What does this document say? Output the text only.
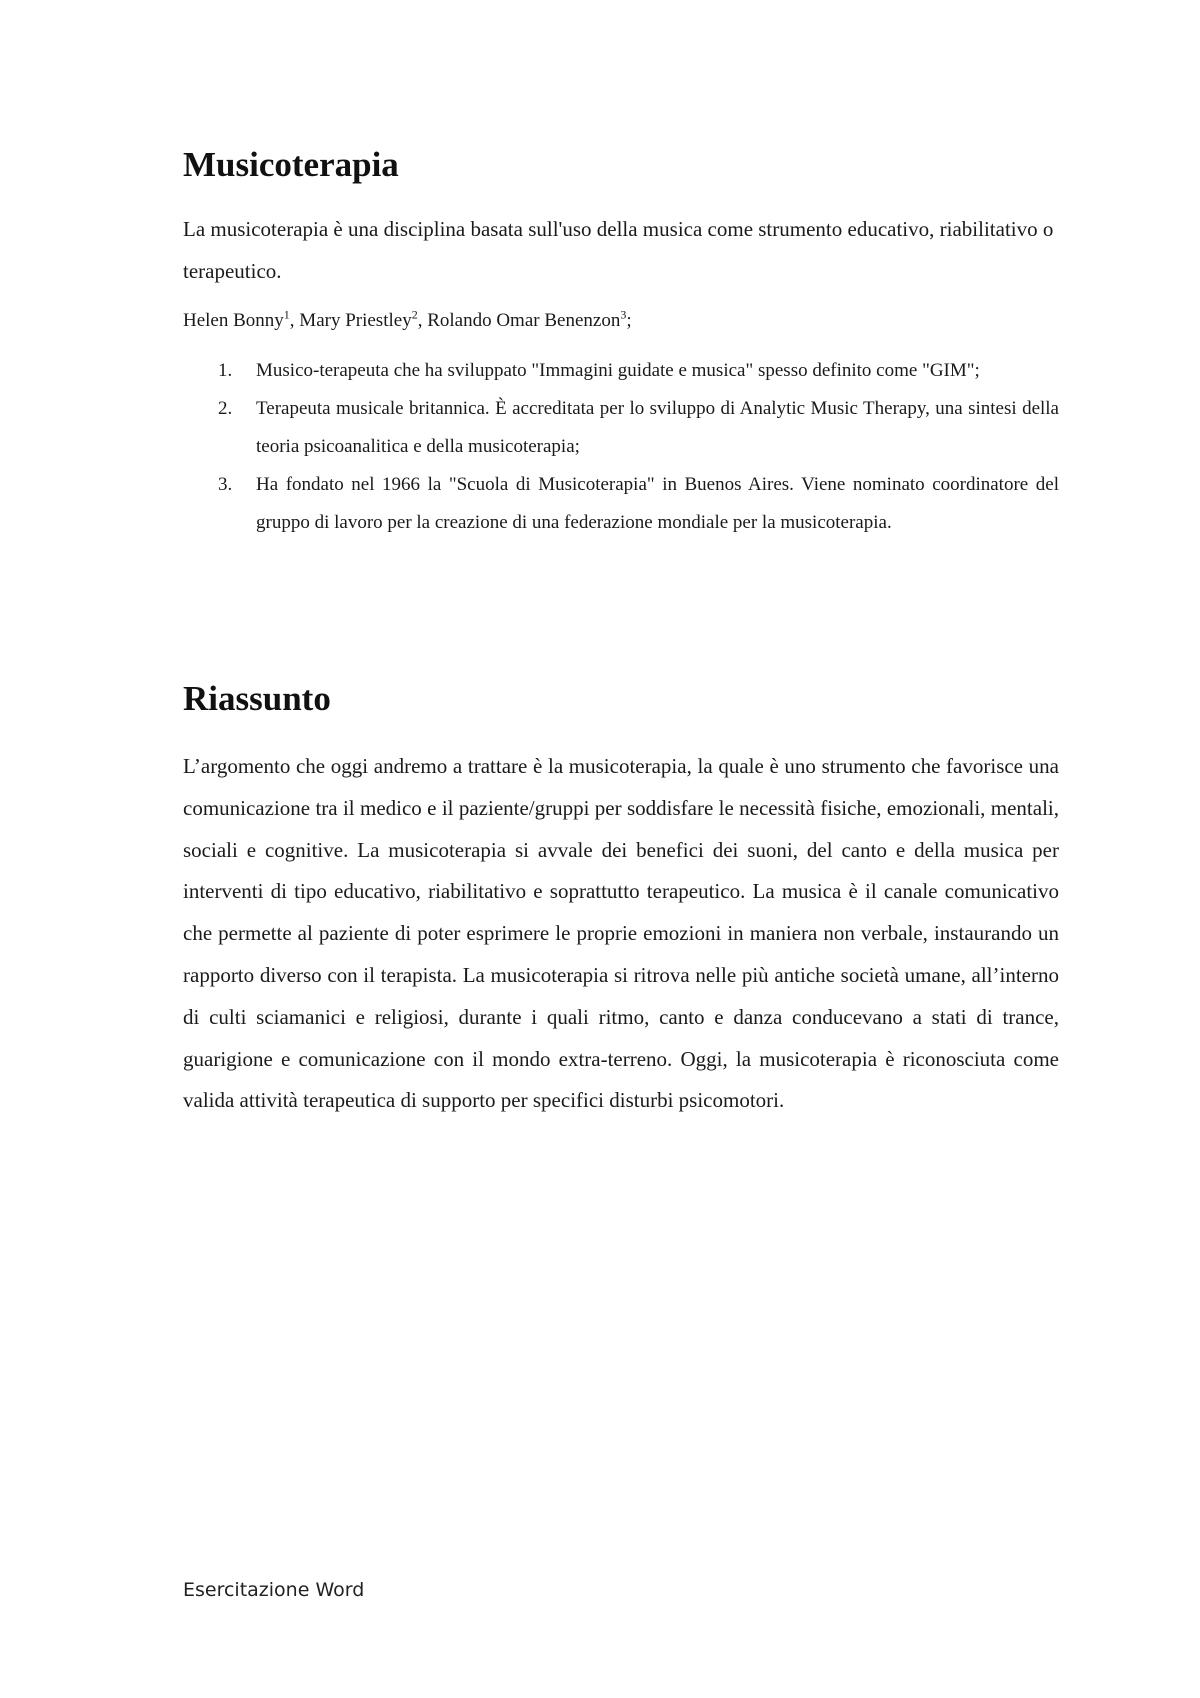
Musicoterapia

La musicoterapia è una disciplina basata sull'uso della musica come strumento educativo, riabilitativo o terapeutico.

Helen Bonny$^1$, Mary Priestley$^2$, Rolando Omar Benenzon$^3$;

1. Musico-terapeuta che ha sviluppato "Immagini guidate e musica" spesso definito come "GIM";
2. Terapeuta musicale britannica. È accreditata per lo sviluppo di Analytic Music Therapy, una sintesi della teoria psicoanalitica e della musicoterapia;
3. Ha fondato nel 1966 la "Scuola di Musicoterapia" in Buenos Aires. Viene nominato coordinatore del gruppo di lavoro per la creazione di una federazione mondiale per la musicoterapia.
Riassunto

L’argomento che oggi andremo a trattare è la musicoterapia, la quale è uno strumento che favorisce una comunicazione tra il medico e il paziente/gruppi per soddisfare le necessità fisiche, emozionali, mentali, sociali e cognitive. La musicoterapia si avvale dei benefici dei suoni, del canto e della musica per interventi di tipo educativo, riabilitativo e soprattutto terapeutico. La musica è il canale comunicativo che permette al paziente di poter esprimere le proprie emozioni in maniera non verbale, instaurando un rapporto diverso con il terapista. La musicoterapia si ritrova nelle più antiche società umane, all’interno di culti sciamanici e religiosi, durante i quali ritmo, canto e danza conducevano a stati di trance, guarigione e comunicazione con il mondo extra-terreno. Oggi, la musicoterapia è riconosciuta come valida attività terapeutica di supporto per specifici disturbi psicomotori.

Esercitazione Word
